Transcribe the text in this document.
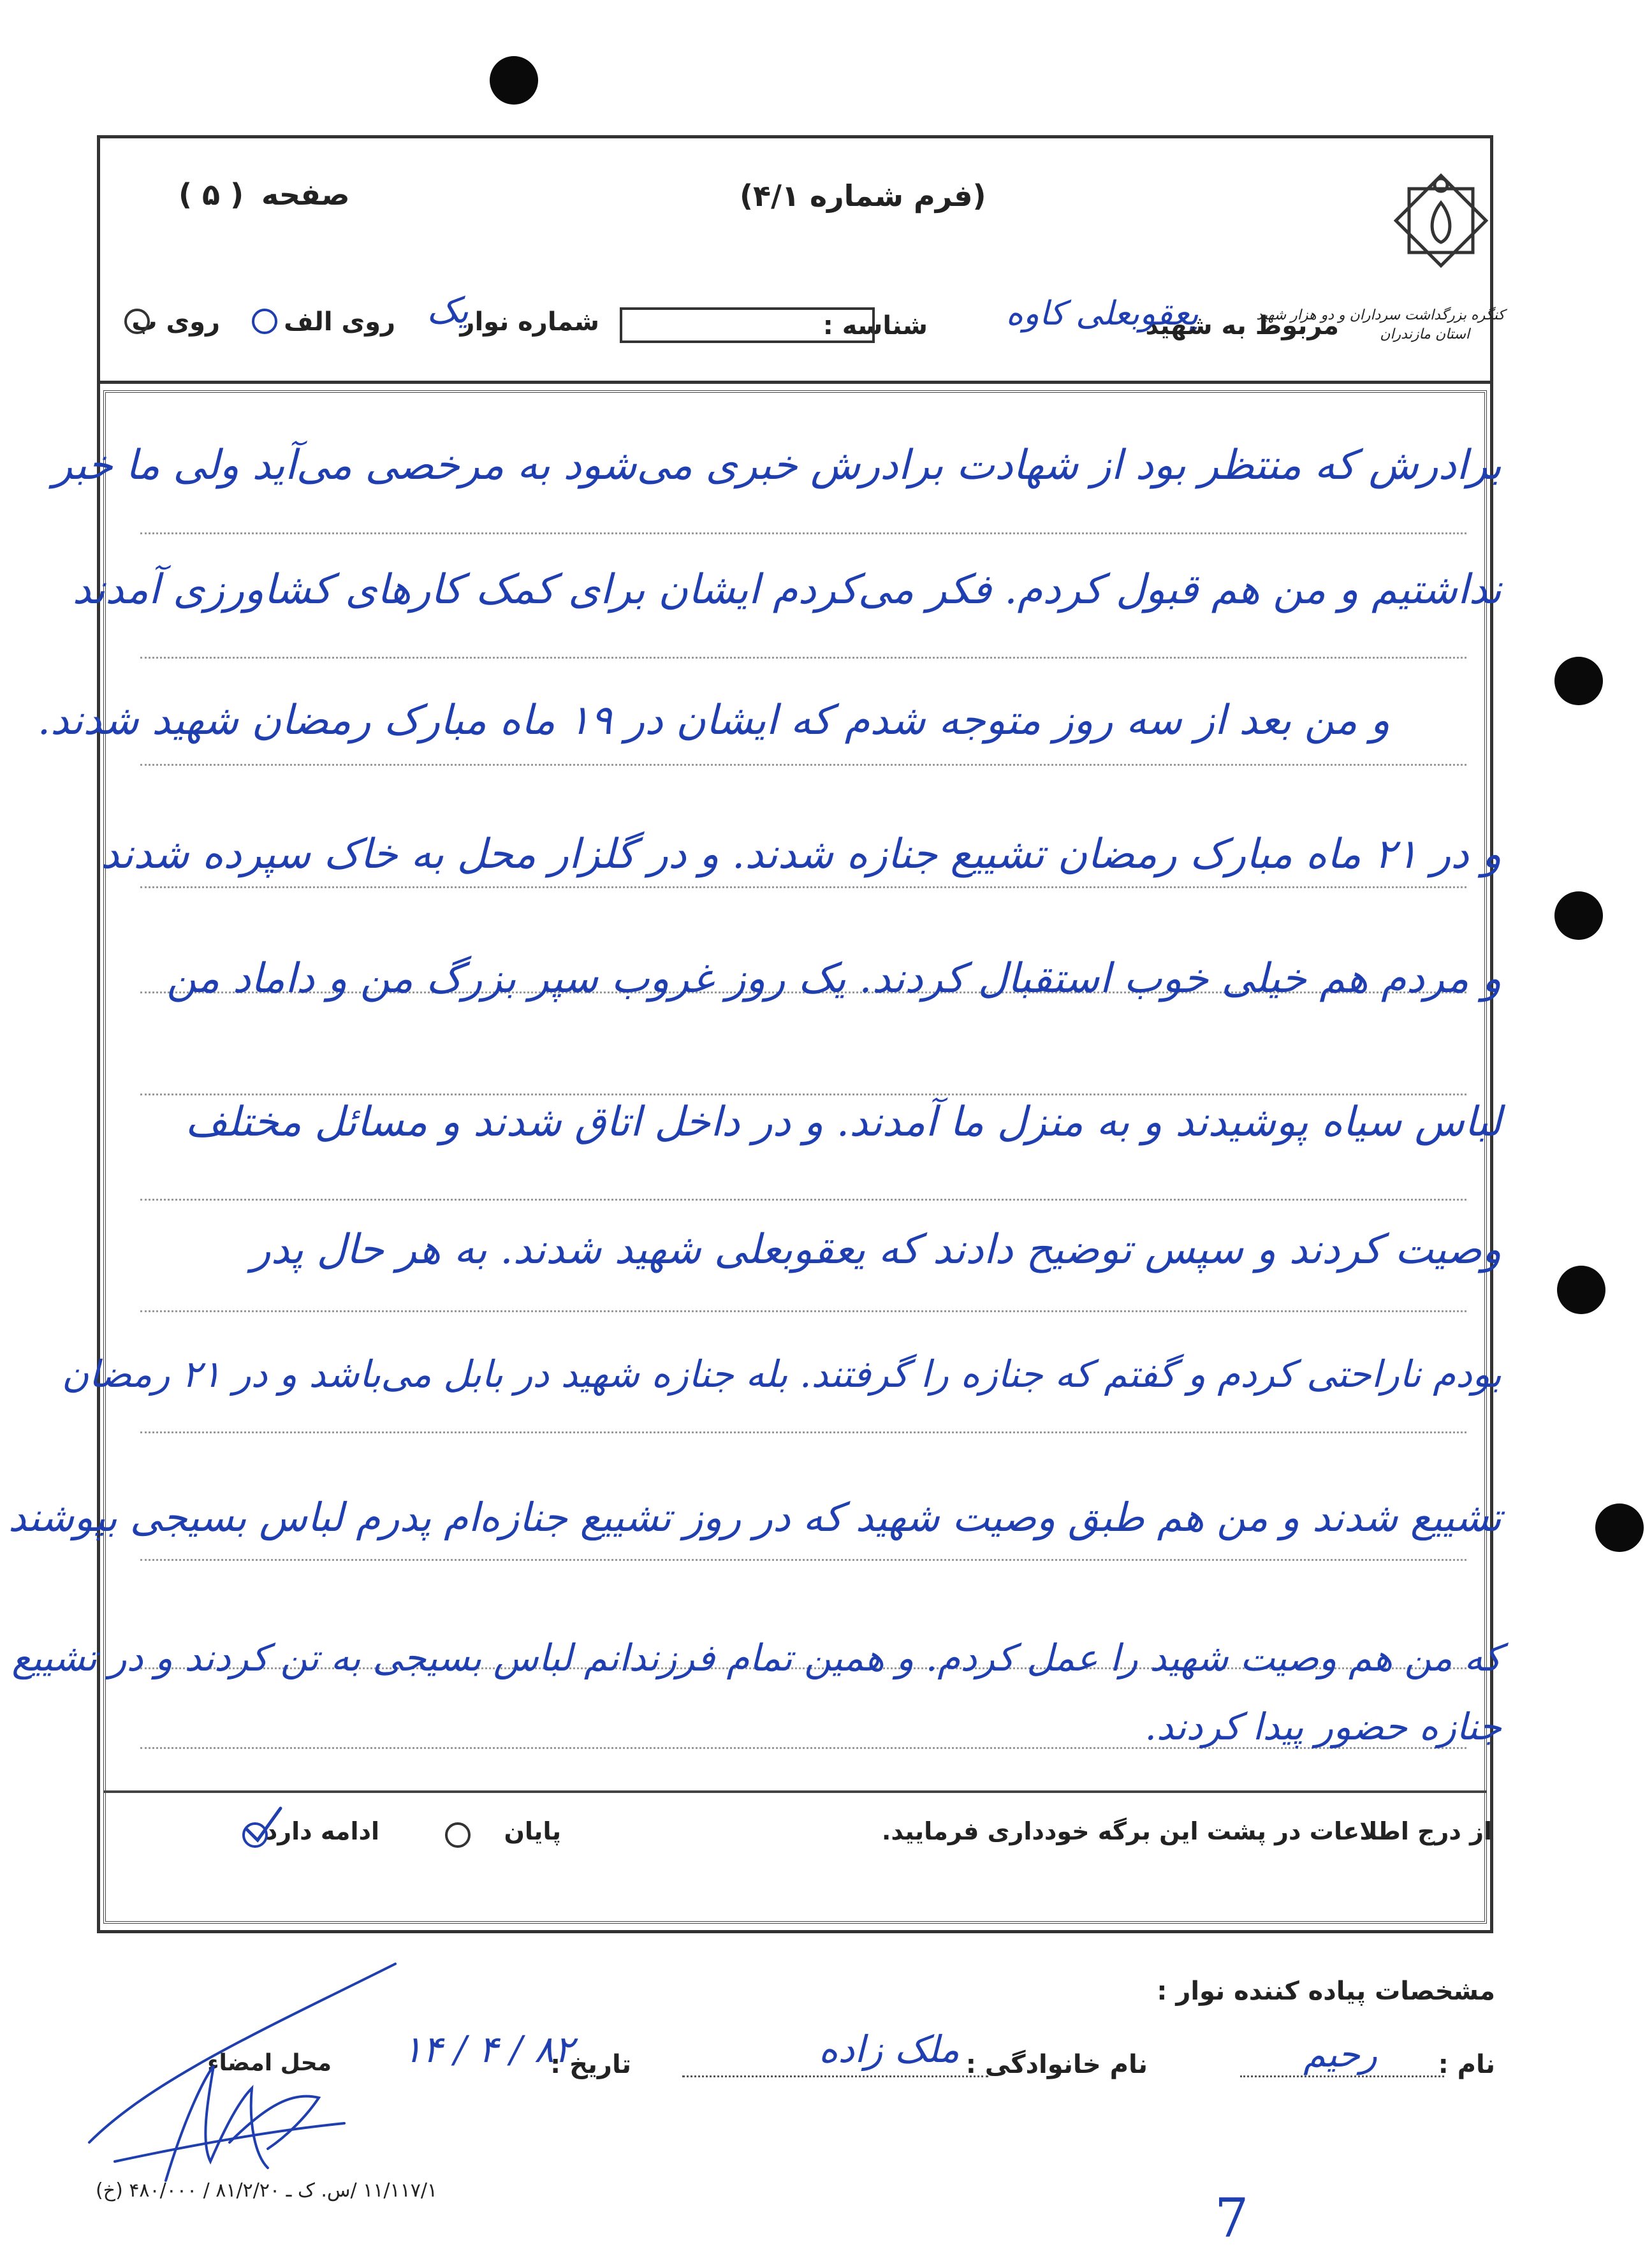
کنگره بزرگداشت سرداران و دو هزار شهید
استان مازندران
(فرم شماره ۴/۱)
صفحه
( ۵ )
مربوط به شهید
یعقوبعلی کاوه
شناسه :
شماره نوار
یک
روی الف
روی ب
برادرش که منتظر بود از شهادت برادرش خبری می‌شود به مرخصی می‌آید ولی ما خبر
نداشتیم و من هم قبول کردم. فکر می‌کردم ایشان برای کمک کارهای کشاورزی آمدند
و من بعد از سه روز متوجه شدم که ایشان در ۱۹ ماه مبارک رمضان شهید شدند.
و در ۲۱ ماه مبارک رمضان تشییع جنازه شدند. و در گلزار محل به خاک سپرده شدند
و مردم هم خیلی خوب استقبال کردند. یک روز غروب سپر بزرگ من و داماد من
لباس سیاه پوشیدند و به منزل ما آمدند. و در داخل اتاق شدند و مسائل مختلف
وصیت کردند و سپس توضیح دادند که یعقوبعلی شهید شدند. به هر حال پدر
بودم ناراحتی کردم و گفتم که جنازه را گرفتند. بله جنازه شهید در بابل می‌باشد و در ۲۱ رمضان
تشییع شدند و من هم طبق وصیت شهید که در روز تشییع جنازه‌ام پدرم لباس بسیجی بپوشند
که من هم وصیت شهید را عمل کردم. و همین تمام فرزندانم لباس بسیجی به تن کردند و در تشییع
جنازه حضور پیدا کردند.
از درج اطلاعات در پشت این برگه خودداری فرمایید.
پایان
ادامه دارد
مشخصات پیاده کننده نوار :
نام :
رحیم
نام خانوادگی :
ملک زاده
تاریخ :
۸۲ / ۴ / ۱۴
محل امضاء
۱۱/۱۱۷/۱ /س. ک ـ ۸۱/۲/۲۰ / ۴۸۰/۰۰۰ (خ)	7
